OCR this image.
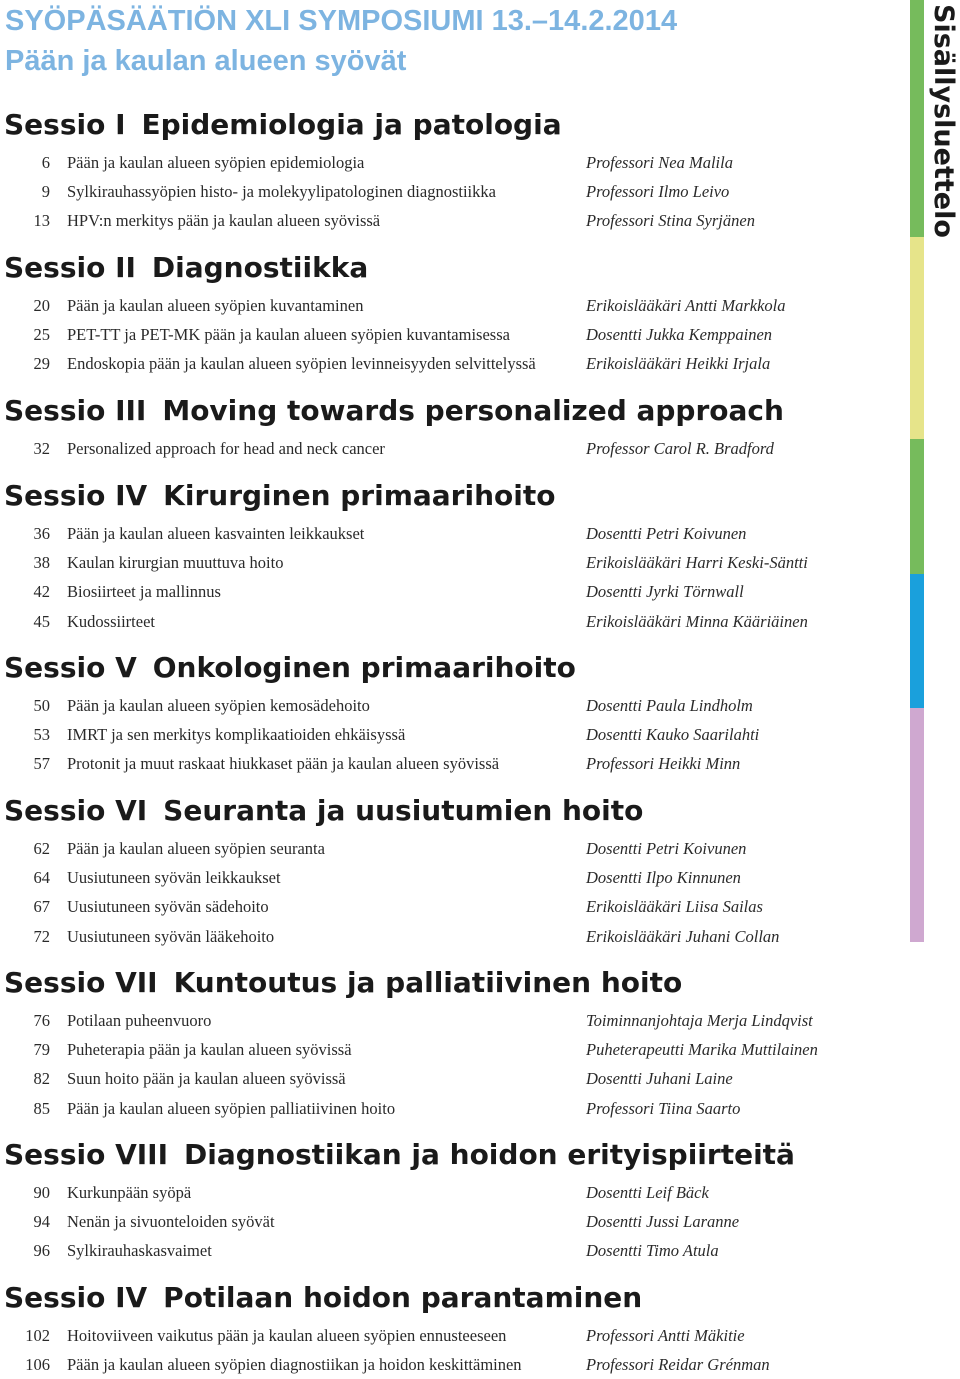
SYÖPÄSÄÄTIÖN XLI SYMPOSIUMI 13.–14.2.2014
Pään ja kaulan alueen syövät	Sisällysluettelo
Sessio I Epidemiologia ja patologia
6 Pään ja kaulan alueen syöpien epidemiologia	Professori Nea Malila
9 Sylkirauhassyöpien histo- ja molekyylipatologinen diagnostiikka	Professori Ilmo Leivo
13 HPV:n merkitys pään ja kaulan alueen syövissä	Professori Stina Syrjänen
Sessio II Diagnostiikka
20 Pään ja kaulan alueen syöpien kuvantaminen	Erikoislääkäri Antti Markkola
25 PET-TT ja PET-MK pään ja kaulan alueen syöpien kuvantamisessa	Dosentti Jukka Kemppainen
29 Endoskopia pään ja kaulan alueen syöpien levinneisyyden selvittelyssä	Erikoislääkäri Heikki Irjala
Sessio III Moving towards personalized approach
32 Personalized approach for head and neck cancer	Professor Carol R. Bradford
Sessio IV Kirurginen primaarihoito
36 Pään ja kaulan alueen kasvainten leikkaukset	Dosentti Petri Koivunen
38 Kaulan kirurgian muuttuva hoito	Erikoislääkäri Harri Keski-Säntti
42 Biosiirteet ja mallinnus	Dosentti Jyrki Törnwall
45 Kudossiirteet	Erikoislääkäri Minna Kääriäinen
Sessio V Onkologinen primaarihoito
50 Pään ja kaulan alueen syöpien kemosädehoito	Dosentti Paula Lindholm
53 IMRT ja sen merkitys komplikaatioiden ehkäisyssä	Dosentti Kauko Saarilahti
57 Protonit ja muut raskaat hiukkaset pään ja kaulan alueen syövissä	Professori Heikki Minn
Sessio VI Seuranta ja uusiutumien hoito
62 Pään ja kaulan alueen syöpien seuranta	Dosentti Petri Koivunen
64 Uusiutuneen syövän leikkaukset	Dosentti Ilpo Kinnunen
67 Uusiutuneen syövän sädehoito	Erikoislääkäri Liisa Sailas
72 Uusiutuneen syövän lääkehoito	Erikoislääkäri Juhani Collan
Sessio VII Kuntoutus ja palliatiivinen hoito
76 Potilaan puheenvuoro	Toiminnanjohtaja Merja Lindqvist
79 Puheterapia pään ja kaulan alueen syövissä	Puheterapeutti Marika Muttilainen
82 Suun hoito pään ja kaulan alueen syövissä	Dosentti Juhani Laine
85 Pään ja kaulan alueen syöpien palliatiivinen hoito	Professori Tiina Saarto
Sessio VIII Diagnostiikan ja hoidon erityispiirteitä
90 Kurkunpään syöpä	Dosentti Leif Bäck
94 Nenän ja sivuonteloiden syövät	Dosentti Jussi Laranne
96 Sylkirauhaskasvaimet	Dosentti Timo Atula
Sessio IV Potilaan hoidon parantaminen
102 Hoitoviiveen vaikutus pään ja kaulan alueen syöpien ennusteeseen	Professori Antti Mäkitie
106 Pään ja kaulan alueen syöpien diagnostiikan ja hoidon keskittäminen	Professori Reidar Grénman
